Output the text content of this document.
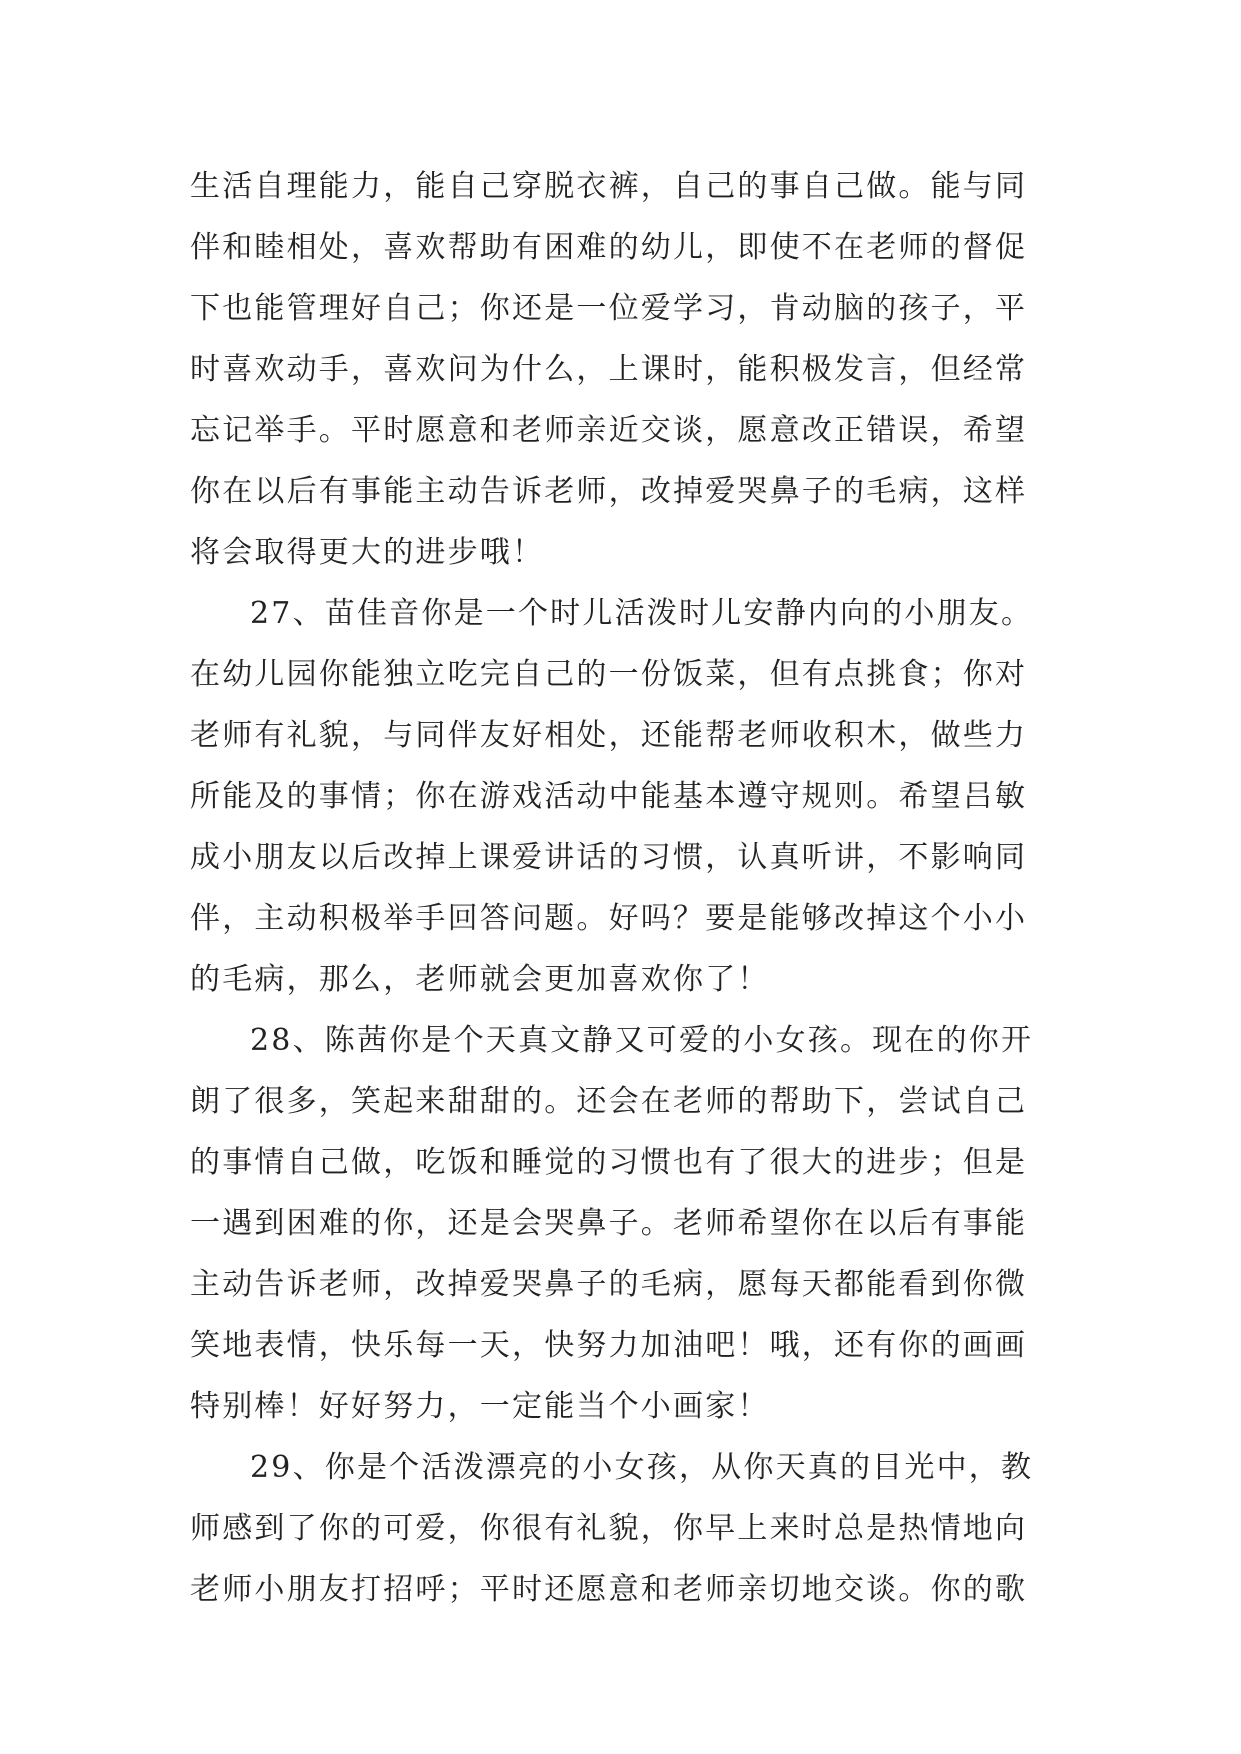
生活自理能力，能自己穿脱衣裤，自己的事自己做。能与同
伴和睦相处，喜欢帮助有困难的幼儿，即使不在老师的督促
下也能管理好自己；你还是一位爱学习，肯动脑的孩子，平
时喜欢动手，喜欢问为什么，上课时，能积极发言，但经常
忘记举手。平时愿意和老师亲近交谈，愿意改正错误，希望
你在以后有事能主动告诉老师，改掉爱哭鼻子的毛病，这样
将会取得更大的进步哦！
27、苗佳音你是一个时儿活泼时儿安静内向的小朋友。
在幼儿园你能独立吃完自己的一份饭菜，但有点挑食；你对
老师有礼貌，与同伴友好相处，还能帮老师收积木，做些力
所能及的事情；你在游戏活动中能基本遵守规则。希望吕敏
成小朋友以后改掉上课爱讲话的习惯，认真听讲，不影响同
伴，主动积极举手回答问题。好吗？要是能够改掉这个小小
的毛病，那么，老师就会更加喜欢你了！
28、陈茜你是个天真文静又可爱的小女孩。现在的你开
朗了很多，笑起来甜甜的。还会在老师的帮助下，尝试自己
的事情自己做，吃饭和睡觉的习惯也有了很大的进步；但是
一遇到困难的你，还是会哭鼻子。老师希望你在以后有事能
主动告诉老师，改掉爱哭鼻子的毛病，愿每天都能看到你微
笑地表情，快乐每一天，快努力加油吧！哦，还有你的画画
特别棒！好好努力，一定能当个小画家！
29、你是个活泼漂亮的小女孩，从你天真的目光中，教
师感到了你的可爱，你很有礼貌，你早上来时总是热情地向
老师小朋友打招呼；平时还愿意和老师亲切地交谈。你的歌
